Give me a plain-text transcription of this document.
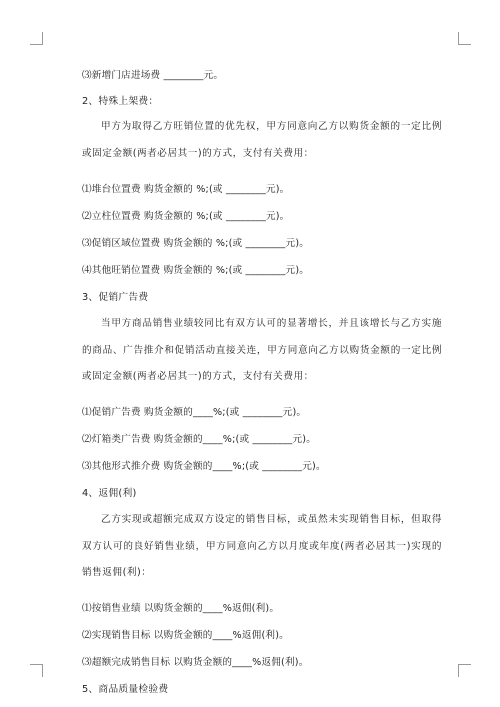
⑶新增门店进场费 ________元。
2、特殊上架费：
甲方为取得乙方旺销位置的优先权，甲方同意向乙方以购货金额的一定比例或固定金额(两者必居其一)的方式，支付有关费用：
⑴堆台位置费 购货金额的 %;(或 ________元)。
⑵立柱位置费 购货金额的 %;(或 ________元)。
⑶促销区域位置费 购货金额的 %;(或 ________元)。
⑷其他旺销位置费 购货金额的 %;(或 ________元)。
3、促销广告费
当甲方商品销售业绩较同比有双方认可的显著增长，并且该增长与乙方实施的商品、广告推介和促销活动直接关连，甲方同意向乙方以购货金额的一定比例或固定金额(两者必居其一)的方式，支付有关费用：
⑴促销广告费 购货金额的____%;(或 ________元)。
⑵灯箱类广告费 购货金额的____%;(或 ________元)。
⑶其他形式推介费 购货金额的____%;(或 ________元)。
4、返佣(利)
乙方实现或超额完成双方设定的销售目标，或虽然未实现销售目标，但取得双方认可的良好销售业绩，甲方同意向乙方以月度或年度(两者必居其一)实现的销售返佣(利)：
⑴按销售业绩 以购货金额的____%返佣(利)。
⑵实现销售目标 以购货金额的____%返佣(利)。
⑶超额完成销售目标 以购货金额的____%返佣(利)。
5、商品质量检验费
